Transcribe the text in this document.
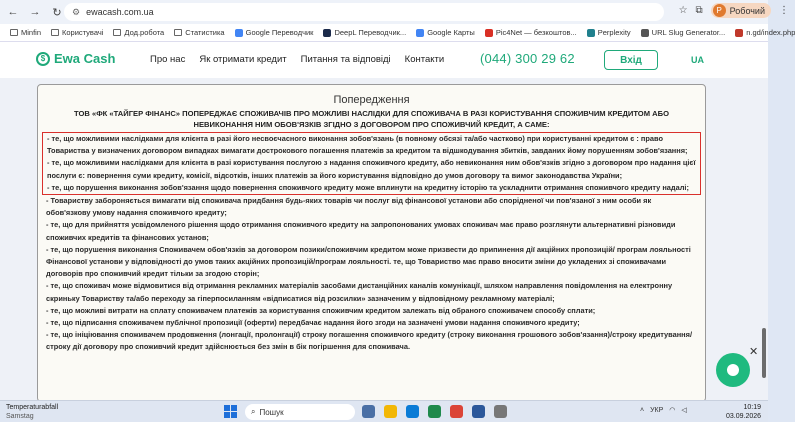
← → ↻ ⚙ ewacash.com.ua	☆ ⧉	P Робочий ⋮
Minfin	Користувачі	Дод.робота	Статистика	Google Переводчик	DeepL Переводчик...	Google Карты	Pic4Net — безкоштов...	Perplexity	URL Slug Generator...	n.gd/index.php
$ Ewa Cash	Про нас Як отримати кредит Питання та відповіді Контакти	(044) 300 29 62	Вхід	UA
Попередження
ТОВ «ФК «ТАЙГЕР ФІНАНС» ПОПЕРЕДЖАЄ СПОЖИВАЧІВ ПРО МОЖЛИВІ НАСЛІДКИ ДЛЯ СПОЖИВАЧА В РАЗІ КОРИСТУВАННЯ СПОЖИВЧИМ КРЕДИТОМ АБО НЕВИКОНАННЯ НИМ ОБОВ'ЯЗКІВ ЗГІДНО З ДОГОВОРОМ ПРО СПОЖИВЧИЙ КРЕДИТ, А САМЕ:
- те, що можливими наслідками для клієнта в разі його несвоєчасного виконання зобов'язань (в повному обсязі та/або частково) при користуванні кредитом є : право Товариства у визначених договором випадках вимагати дострокового погашення платежів за кредитом та відшкодування збитків, завданих йому порушенням зобов'язання;
- те, що можливими наслідками для клієнта в разі користування послугою з надання споживчого кредиту, або невиконання ним обов'язків згідно з договором про надання цієї послуги є: повернення суми кредиту, комісії, відсотків, інших платежів за його користування відповідно до умов договору та вимог законодавства України;
- те, що порушення виконання зобов'язання щодо повернення споживчого кредиту може вплинути на кредитну історію та ускладнити отримання споживчого кредиту надалі;
- Товариству забороняється вимагати від споживача придбання будь-яких товарів чи послуг від фінансової установи або спорідненої чи пов'язаної з ним особи як обов'язкову умову надання споживчого кредиту;
- те, що для прийняття усвідомленого рішення щодо отримання споживчого кредиту на запропонованих умовах споживач має право розглянути альтернативні різновиди споживчих кредитів та фінансових установ;
- те, що порушення виконання Споживачем обов'язків за договором позики/споживчим кредитом може призвести до припинення дії акційних пропозицій/ програм лояльності Фінансової установи у відповідності до умов таких акційних пропозицій/програм лояльності. те, що Товариство має право вносити зміни до укладених зі споживачами договорів про споживчий кредит тільки за згодою сторін;
- те, що споживач може відмовитися від отримання рекламних матеріалів засобами дистанційних каналів комунікації, шляхом направлення повідомлення на електронну скриньку Товариству та/або переходу за гіперпосиланням «відписатися від розсилки» зазначеним у відповідному рекламному матеріалі;
- те, що можливі витрати на сплату споживачем платежів за користування споживчим кредитом залежать від обраного споживачем способу сплати;
- те, що підписання споживачем публічної пропозиції (оферти) передбачає надання його згоди на зазначені умови надання споживчого кредиту;
- те, що ініціювання споживачем продовження (лонгації, пролонгації) строку погашення споживчого кредиту (строку виконання грошового зобов'язання)/строку кредитування/строку дії договору про споживчий кредит здійснюється без змін в бік погіршення для споживача.	✕
Temperaturabfall
Samstag
⌕ Пошук	˄ УКР ◠ ◁	10:19
03.09.2026
